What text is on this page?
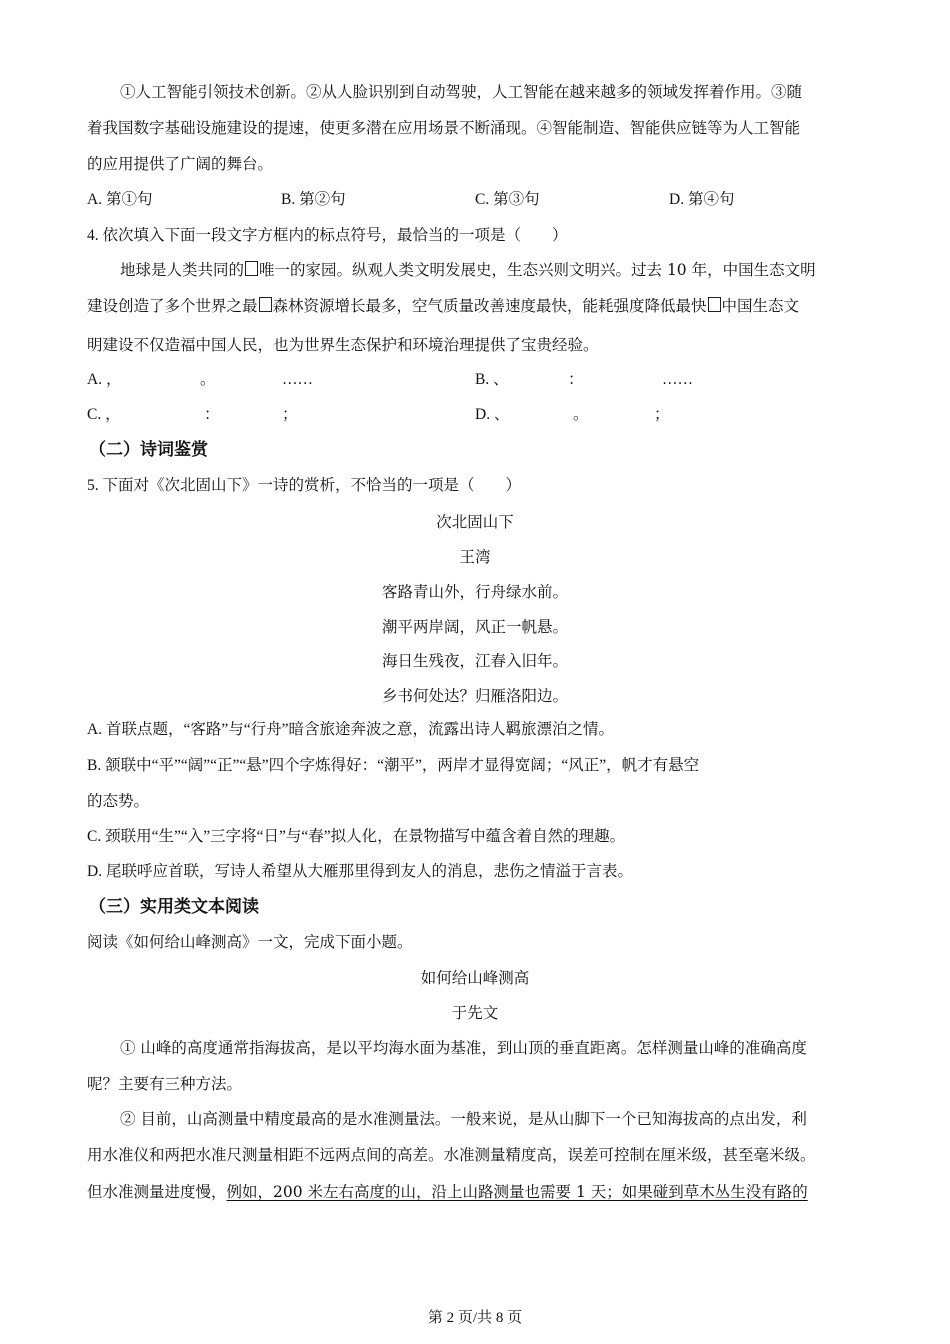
①人工智能引领技术创新。②从人脸识别到自动驾驶，人工智能在越来越多的领域发挥着作用。③随
着我国数字基础设施建设的提速，使更多潜在应用场景不断涌现。④智能制造、智能供应链等为人工智能
的应用提供了广阔的舞台。
A. 第①句	B. 第②句	C. 第③句	D. 第④句
4. 依次填入下面一段文字方框内的标点符号，最恰当的一项是（　　）
地球是人类共同的 唯一的家园。纵观人类文明发展史，生态兴则文明兴。过去 10 年，中国生态文明
建设创造了多个世界之最 森林资源增长最多，空气质量改善速度最快，能耗强度降低最快 中国生态文
明建设不仅造福中国人民，也为世界生态保护和环境治理提供了宝贵经验。
A. ，	。	……	B. 、	：	……
C. ，	：	；	D. 、	。	；
（二）诗词鉴赏
5. 下面对《次北固山下》一诗的赏析，不恰当的一项是（　　）
次北固山下
王湾
客路青山外，行舟绿水前。
潮平两岸阔，风正一帆悬。
海日生残夜，江春入旧年。
乡书何处达？归雁洛阳边。
A. 首联点题，“客路”与“行舟”暗含旅途奔波之意，流露出诗人羁旅漂泊之情。
B. 颔联中“平”“阔”“正”“悬”四个字炼得好：“潮平”，两岸才显得宽阔；“风正”，帆才有悬空
的态势。
C. 颈联用“生”“入”三字将“日”与“春”拟人化，在景物描写中蕴含着自然的理趣。
D. 尾联呼应首联，写诗人希望从大雁那里得到友人的消息，悲伤之情溢于言表。
（三）实用类文本阅读
阅读《如何给山峰测高》一文，完成下面小题。
如何给山峰测高
于先文
① 山峰的高度通常指海拔高，是以平均海水面为基准，到山顶的垂直距离。怎样测量山峰的准确高度
呢？主要有三种方法。
② 目前，山高测量中精度最高的是水准测量法。一般来说，是从山脚下一个已知海拔高的点出发，利
用水准仪和两把水准尺测量相距不远两点间的高差。水准测量精度高，误差可控制在厘米级，甚至毫米级。
但水准测量进度慢，例如，200 米左右高度的山，沿上山路测量也需要 1 天；如果碰到草木丛生没有路的
第 2 页/共 8 页
